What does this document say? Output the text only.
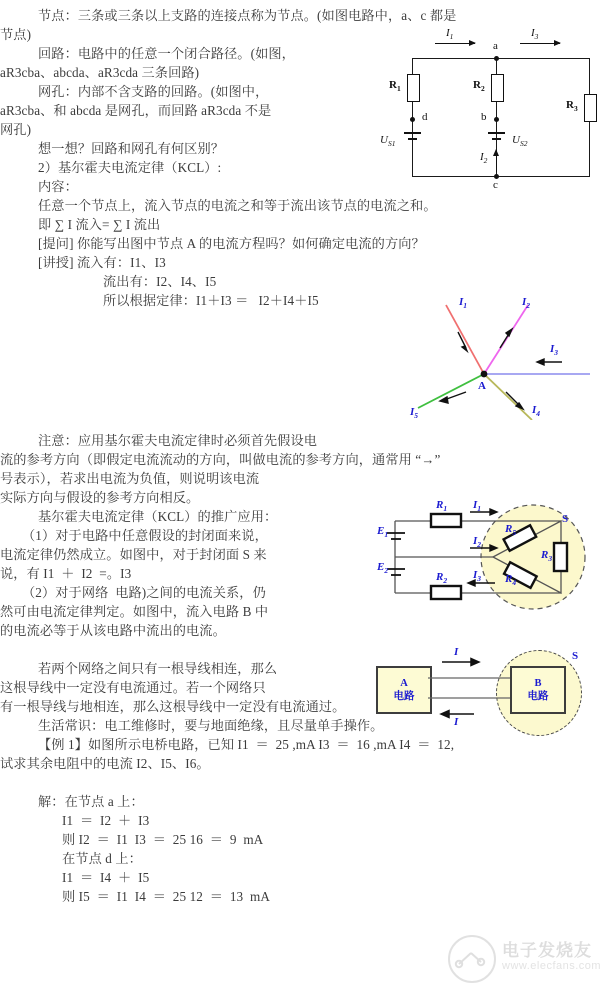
节点：三条或三条以上支路的连接点称为节点。(如图电路中，a、c 都是
节点)
回路：电路中的任意一个闭合路径。(如图，
aR3cba、abcda、aR3cda 三条回路)
网孔：内部不含支路的回路。(如图中，
aR3cba、和 abcda 是网孔，而回路 aR3cda 不是
网孔)
想一想？回路和网孔有何区别？
2）基尔霍夫电流定律（KCL）:
内容：
任意一个节点上，流入节点的电流之和等于流出该节点的电流之和。
即 ∑ I 流入= ∑ I 流出
[提问] 你能写出图中节点 A 的电流方程吗？如何确定电流的方向？
[讲授] 流入有：I1、I3
流出有：I2、I4、I5
所以根据定律：I1＋I3 ＝   I2＋I4＋I5
注意：应用基尔霍夫电流定律时必须首先假设电
流的参考方向（即假定电流流动的方向，叫做电流的参考方向，通常用 “→”
号表示），若求出电流为负值，则说明该电流
实际方向与假设的参考方向相反。
基尔霍夫电流定律（KCL）的推广应用：
（1）对于电路中任意假设的封闭面来说，
电流定律仍然成立。如图中，对于封闭面 S 来
说，有 I1  ＋  I2  =。I3
（2）对于网络  电路)之间的电流关系，仍
然可由电流定律判定。如图中，流入电路 B 中
的电流必等于从该电路中流出的电流。
若两个网络之间只有一根导线相连，那么
这根导线中一定没有电流通过。若一个网络只
有一根导线与地相连，那么这根导线中一定没有电流通过。
生活常识：电工维修时，要与地面绝缘，且尽量单手操作。
【例 1】如图所示电桥电路，已知 I1  ＝  25 ,mA I3  ＝  16 ,mA I4  ＝  12,
试求其余电阻中的电流 I2、I5、I6。
解：在节点 a 上：
I1  ＝  I2  ＋  I3
则 I2  ＝  I1  I3  ＝  25 16  ＝  9  mA
在节点 d 上：
I1  ＝  I4  ＋  I5
则 I5  ＝  I1  I4  ＝  25 12  ＝  13  mA
$R_1$	$R_2$
$R_3$
$U_{S1}$	$U_{S2}$
a
b
c
d
$I_1$	$I_3$
$I_2$
$I_1$	$I_2$
$I_3$
$I_4$
$I_5$
A
$E_1$
$E_2$
$R_1$
$R_2$
$I_1$
$I_2$
$I_3$
$R_5$
$R_4$
$R_3$
S
A
电路
B
电路
I
I
S
电子发烧友
www.elecfans.com
